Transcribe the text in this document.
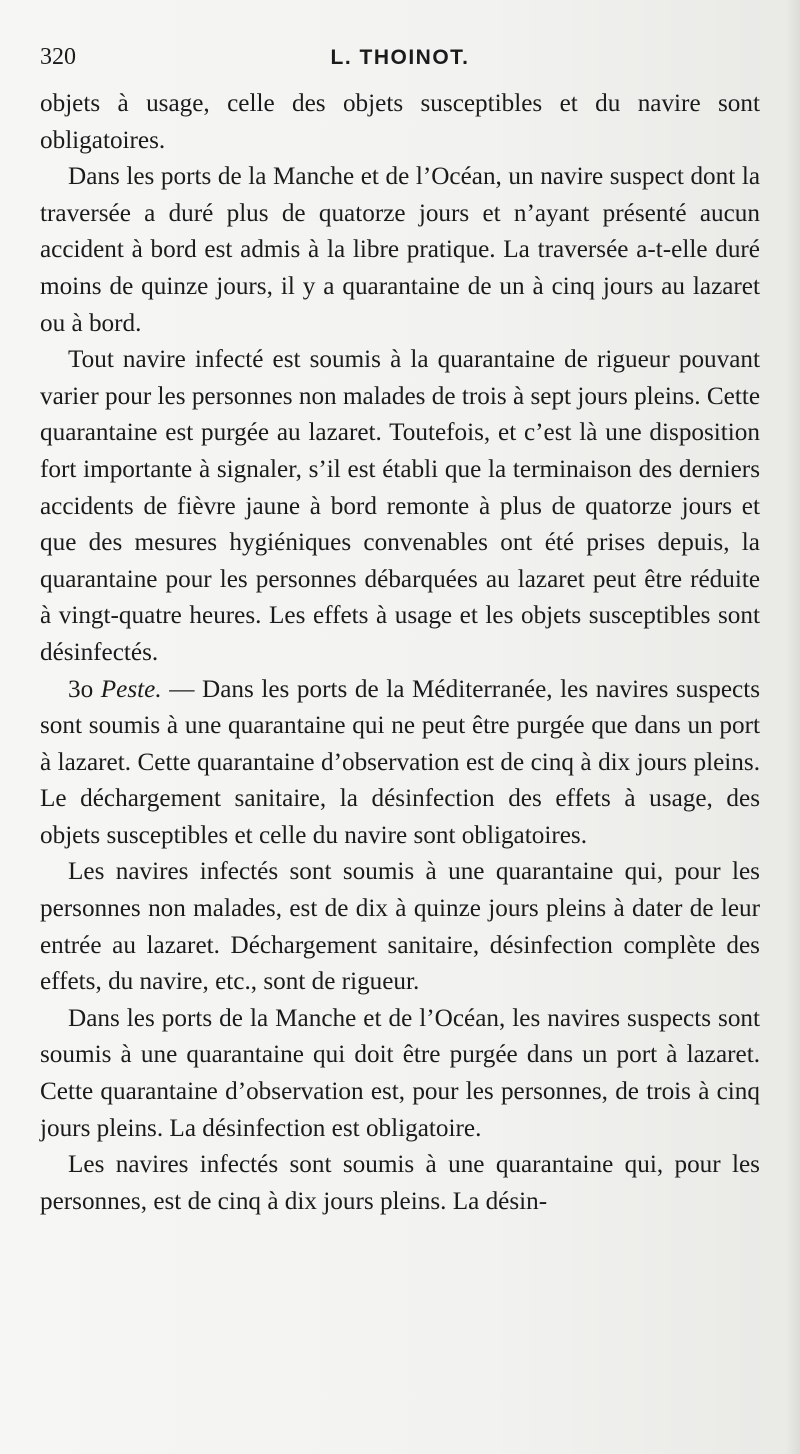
320	L. THOINOT.

objets à usage, celle des objets susceptibles et du navire sont obligatoires.

Dans les ports de la Manche et de l’Océan, un navire suspect dont la traversée a duré plus de quatorze jours et n’ayant présenté aucun accident à bord est admis à la libre pratique. La traversée a-t-elle duré moins de quinze jours, il y a quarantaine de un à cinq jours au lazaret ou à bord.

Tout navire infecté est soumis à la quarantaine de rigueur pouvant varier pour les personnes non malades de trois à sept jours pleins. Cette quarantaine est purgée au lazaret. Toutefois, et c’est là une disposition fort importante à signaler, s’il est établi que la terminaison des derniers accidents de fièvre jaune à bord remonte à plus de quatorze jours et que des mesures hygiéniques convenables ont été prises depuis, la quarantaine pour les personnes débarquées au lazaret peut être réduite à vingt-quatre heures. Les effets à usage et les objets susceptibles sont désinfectés.

3o Peste. — Dans les ports de la Méditerranée, les navires suspects sont soumis à une quarantaine qui ne peut être purgée que dans un port à lazaret. Cette quarantaine d’observation est de cinq à dix jours pleins. Le déchargement sanitaire, la désinfection des effets à usage, des objets susceptibles et celle du navire sont obligatoires.

Les navires infectés sont soumis à une quarantaine qui, pour les personnes non malades, est de dix à quinze jours pleins à dater de leur entrée au lazaret. Déchargement sanitaire, désinfection complète des effets, du navire, etc., sont de rigueur.

Dans les ports de la Manche et de l’Océan, les navires suspects sont soumis à une quarantaine qui doit être purgée dans un port à lazaret. Cette quarantaine d’observation est, pour les personnes, de trois à cinq jours pleins. La désinfection est obligatoire.

Les navires infectés sont soumis à une quarantaine qui, pour les personnes, est de cinq à dix jours pleins. La désin-
